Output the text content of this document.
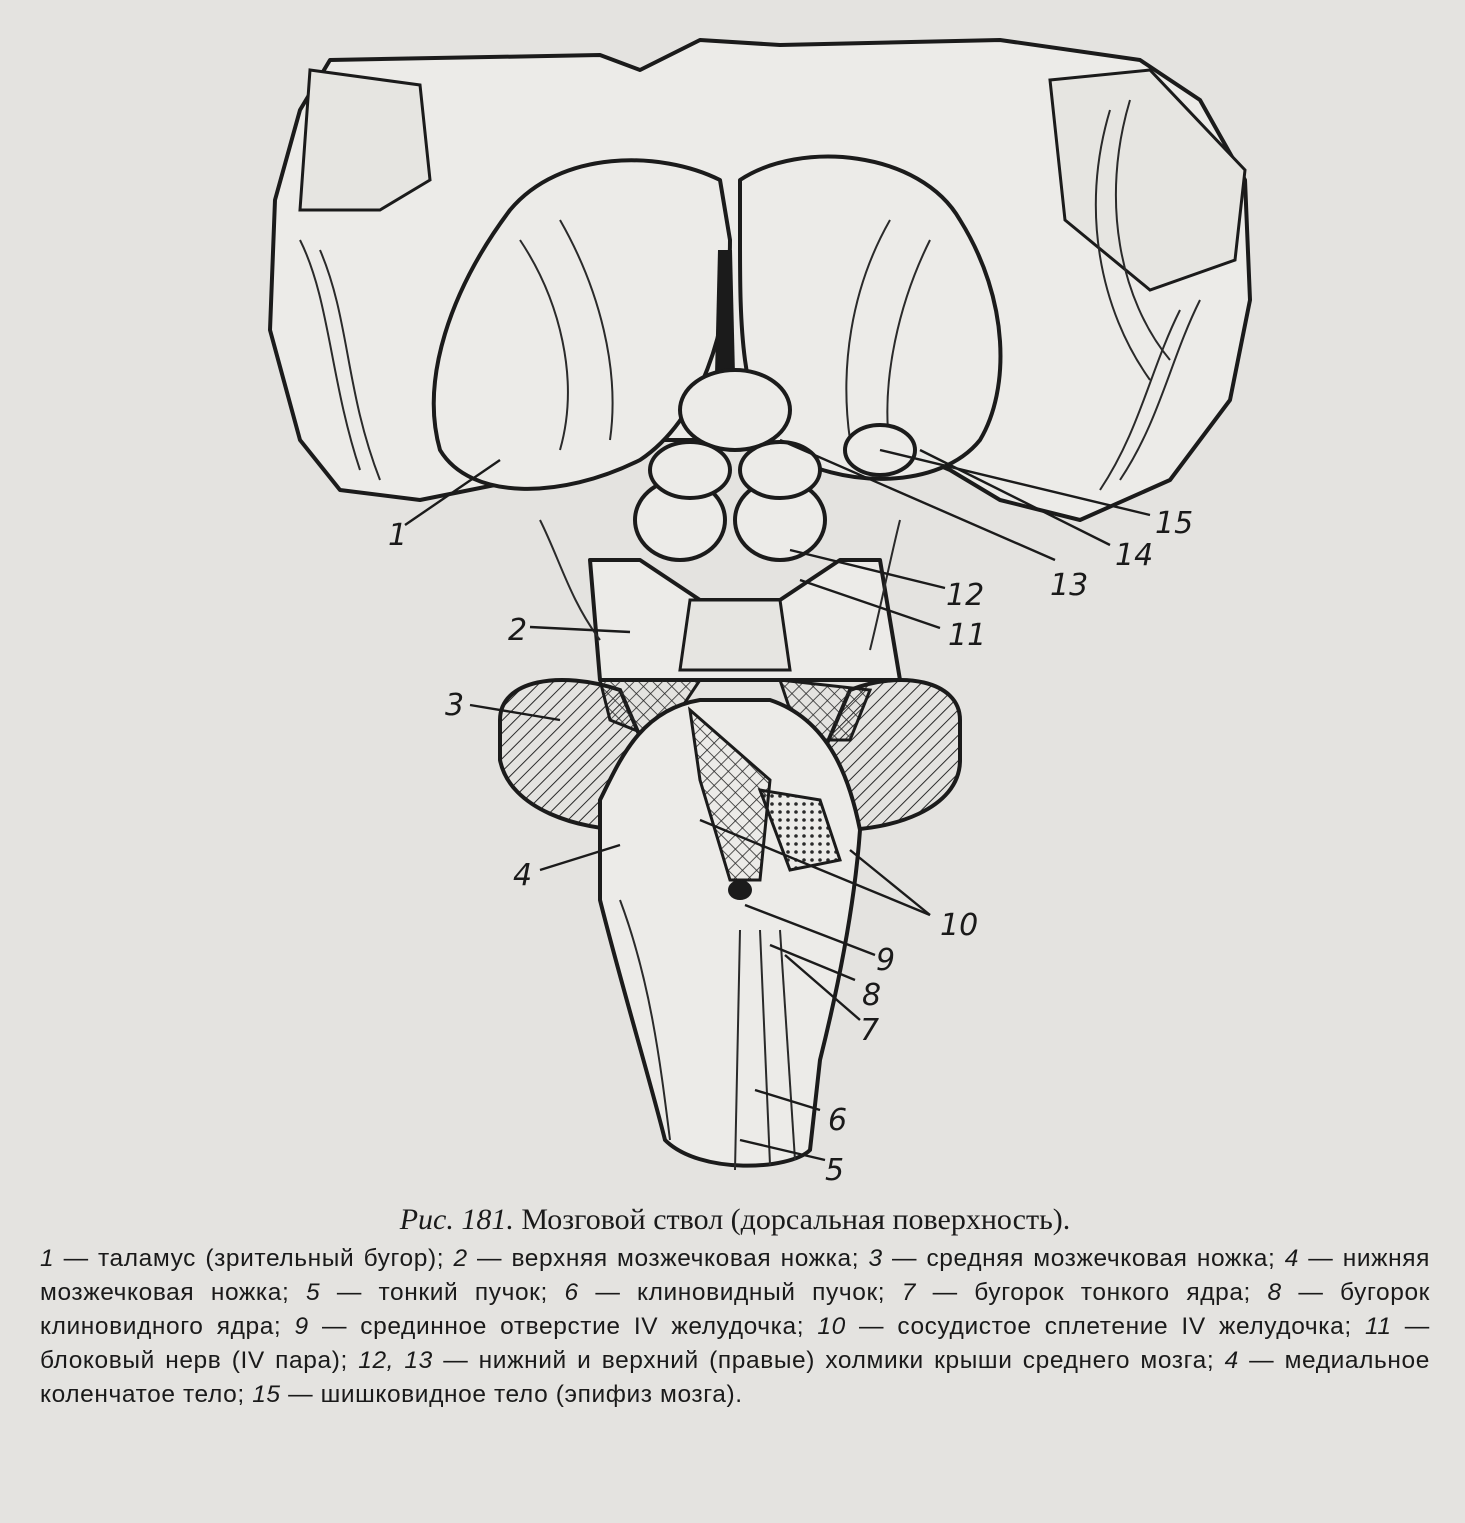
1
2
3
4
5
6
7
8
9
10
11
12 13
14
15

Рис. 181. Мозговой ствол (дорсальная поверхность).

1 — таламус (зрительный бугор); 2 — верхняя мозжечковая ножка; 3 — средняя мозжечковая ножка; 4 — нижняя мозжечковая ножка; 5 — тонкий пучок; 6 — клиновидный пучок; 7 — бугорок тонкого ядра; 8 — бугорок клиновидного ядра; 9 — срединное отверстие IV желудочка; 10 — сосудистое сплетение IV желудочка; 11 — блоковый нерв (IV пара); 12, 13 — нижний и верхний (правые) холмики крыши среднего мозга; 4 — медиальное коленчатое тело; 15 — шишковидное тело (эпифиз мозга).
